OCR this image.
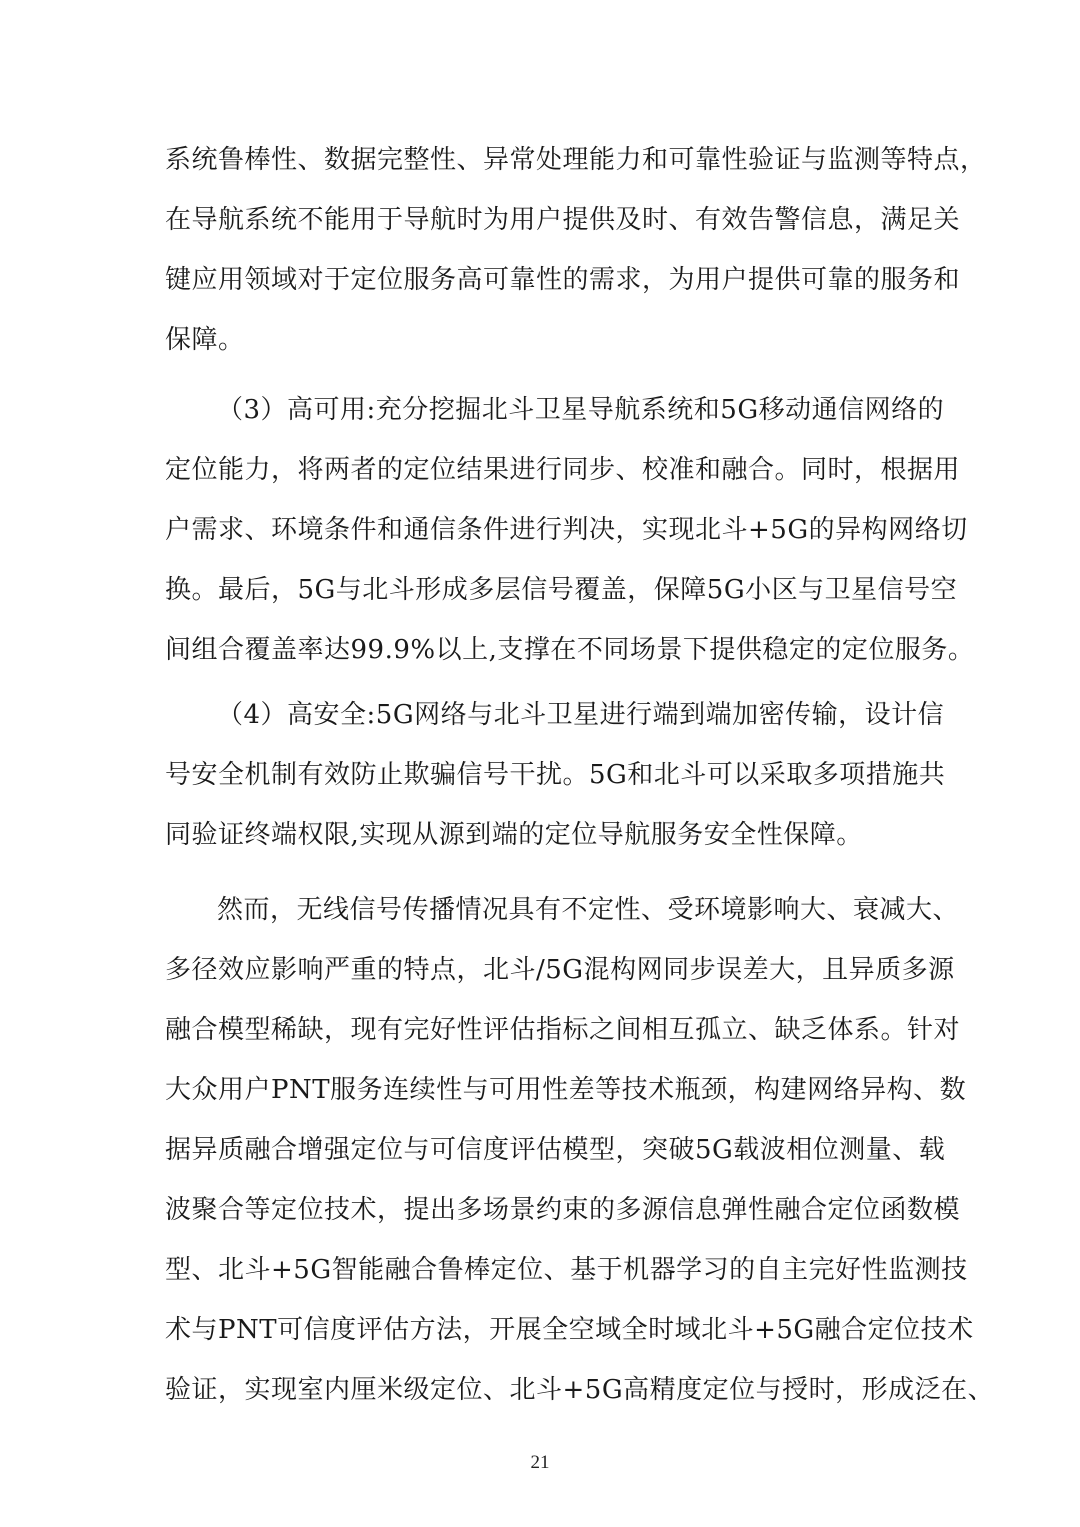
系统鲁棒性、数据完整性、异常处理能力和可靠性验证与监测等特点，
在导航系统不能用于导航时为用户提供及时、有效告警信息，满足关
键应用领域对于定位服务高可靠性的需求，为用户提供可靠的服务和
保障。
（3）高可用:充分挖掘北斗卫星导航系统和5G移动通信网络的
定位能力，将两者的定位结果进行同步、校准和融合。同时，根据用
户需求、环境条件和通信条件进行判决，实现北斗+5G的异构网络切
换。最后，5G与北斗形成多层信号覆盖，保障5G小区与卫星信号空
间组合覆盖率达99.9%以上,支撑在不同场景下提供稳定的定位服务。
（4）高安全:5G网络与北斗卫星进行端到端加密传输，设计信
号安全机制有效防止欺骗信号干扰。5G和北斗可以采取多项措施共
同验证终端权限,实现从源到端的定位导航服务安全性保障。
然而，无线信号传播情况具有不定性、受环境影响大、衰减大、
多径效应影响严重的特点，北斗/5G混构网同步误差大，且异质多源
融合模型稀缺，现有完好性评估指标之间相互孤立、缺乏体系。针对
大众用户PNT服务连续性与可用性差等技术瓶颈，构建网络异构、数
据异质融合增强定位与可信度评估模型，突破5G载波相位测量、载
波聚合等定位技术，提出多场景约束的多源信息弹性融合定位函数模
型、北斗+5G智能融合鲁棒定位、基于机器学习的自主完好性监测技
术与PNT可信度评估方法，开展全空域全时域北斗+5G融合定位技术
验证，实现室内厘米级定位、北斗+5G高精度定位与授时，形成泛在、
21
